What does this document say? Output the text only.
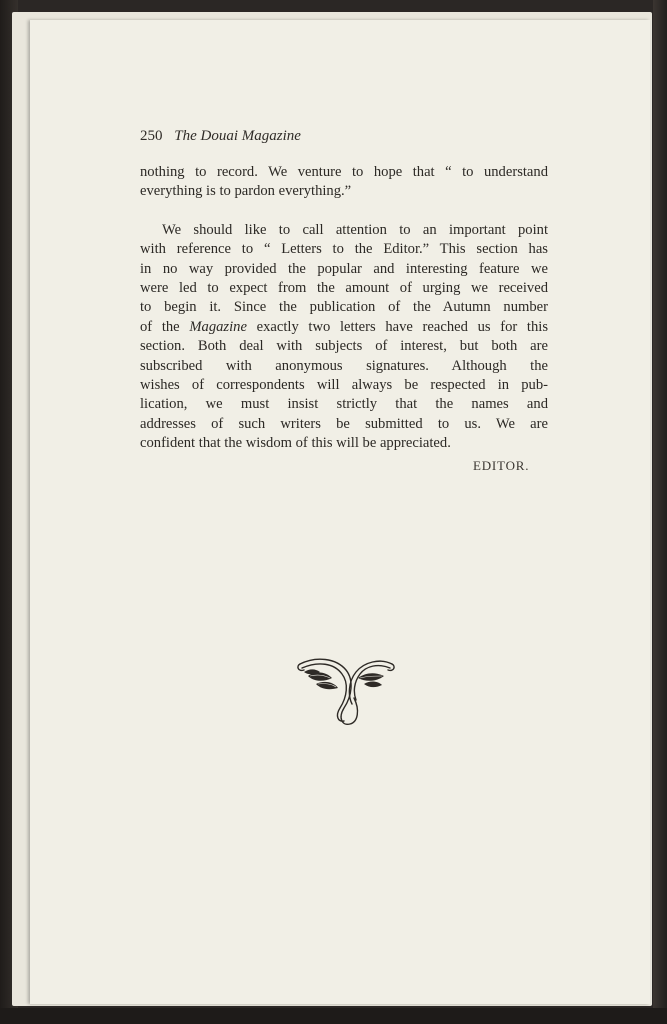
250 The Douai Magazine

nothing to record. We venture to hope that “ to understand
everything is to pardon everything.”

We should like to call attention to an important point
with reference to “ Letters to the Editor.” This section has
in no way provided the popular and interesting feature we
were led to expect from the amount of urging we received
to begin it. Since the publication of the Autumn number
of the Magazine exactly two letters have reached us for this
section. Both deal with subjects of interest, but both are
subscribed with anonymous signatures. Although the
wishes of correspondents will always be respected in pub-
lication, we must insist strictly that the names and
addresses of such writers be submitted to us. We are
confident that the wisdom of this will be appreciated.

EDITOR.
